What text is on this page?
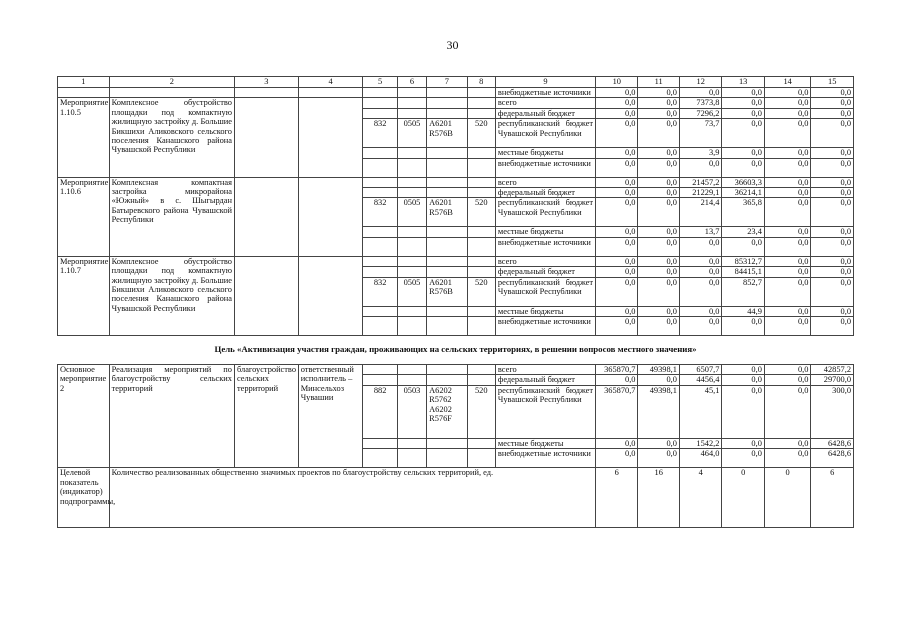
30
1	2	3	4	5	6	7	8	9	10	11	12	13	14	15
								внебюджетные источники	0,0	0,0	0,0	0,0	0,0	0,0
Мероприятие 1.10.5	Комплексное обустройство площадки под компактную жилищную застройку д. Большие Бикшихи Аликовского сельского поселения Канашского района Чувашской Республики							всего	0,0	0,0	7373,8	0,0	0,0	0,0
								федеральный бюджет	0,0	0,0	7296,2	0,0	0,0	0,0
				832	0505	А6201 R576В	520	республиканский бюджет Чувашской Республики	0,0	0,0	73,7	0,0	0,0	0,0
								местные бюджеты	0,0	0,0	3,9	0,0	0,0	0,0
								внебюджетные источники	0,0	0,0	0,0	0,0	0,0	0,0
Мероприятие 1.10.6	Комплексная компактная застройка микрорайона «Южный» в с. Шыгырдан Батыревского района Чувашской Республики							всего	0,0	0,0	21457,2	36603,3	0,0	0,0
								федеральный бюджет	0,0	0,0	21229,1	36214,1	0,0	0,0
				832	0505	А6201 R576В	520	республиканский бюджет Чувашской Республики	0,0	0,0	214,4	365,8	0,0	0,0
								местные бюджеты	0,0	0,0	13,7	23,4	0,0	0,0
								внебюджетные источники	0,0	0,0	0,0	0,0	0,0	0,0
Мероприятие 1.10.7	Комплексное обустройство площадки под компактную жилищную застройку д. Большие Бикшихи Аликовского сельского поселения Канашского района Чувашской Республики							всего	0,0	0,0	0,0	85312,7	0,0	0,0
								федеральный бюджет	0,0	0,0	0,0	84415,1	0,0	0,0
				832	0505	А6201 R576В	520	республиканский бюджет Чувашской Республики	0,0	0,0	0,0	852,7	0,0	0,0
								местные бюджеты	0,0	0,0	0,0	44,9	0,0	0,0
								внебюджетные источники	0,0	0,0	0,0	0,0	0,0	0,0
Цель «Активизация участия граждан, проживающих на сельских территориях, в решении вопросов местного значения»														
Основное мероприятие 2	Реализация мероприятий по благоустройству сельских территорий	благоустройство сельских территорий	ответственный исполнитель – Минсельхоз Чувашии					всего	365870,7	49398,1	6507,7	0,0	0,0	42857,2
								федеральный бюджет	0,0	0,0	4456,4	0,0	0,0	29700,0
				882	0503	А6202 R5762 А6202 R576F	520	республиканский бюджет Чувашской Республики	365870,7	49398,1	45,1	0,0	0,0	300,0
								местные бюджеты	0,0	0,0	1542,2	0,0	0,0	6428,6
								внебюджетные источники	0,0	0,0	464,0	0,0	0,0	6428,6
Целевой показатель (индикатор) подпрограммы,	Количество реализованных общественно значимых проектов по благоустройству сельских территорий, ед.								6	16	4	0	0	6
